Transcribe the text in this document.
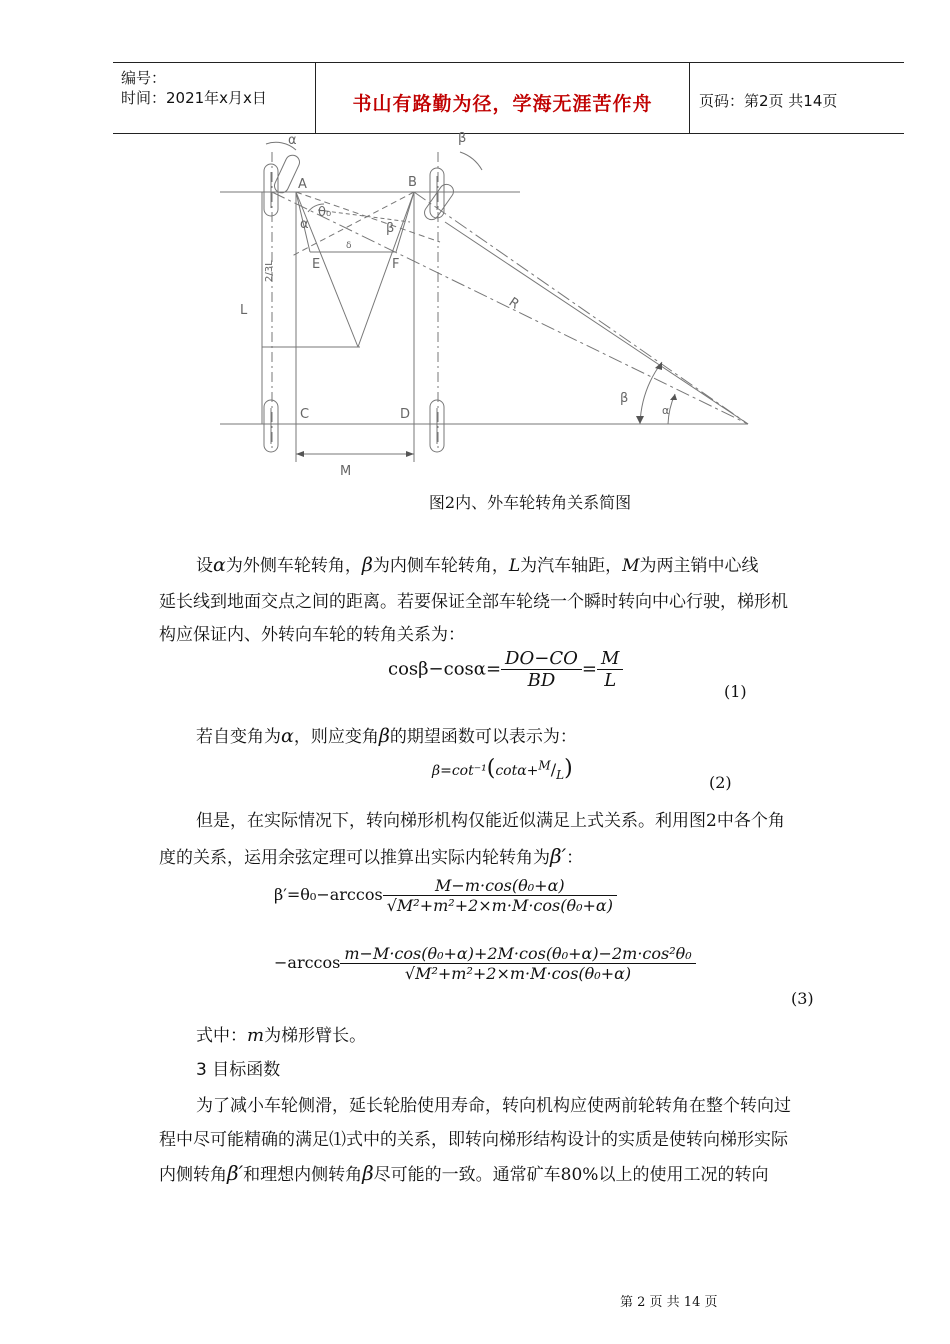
编号：
时间：2021年x月x日	书山有路勤为径，学海无涯苦作舟	页码：第2页 共14页
α	β
A	B
θ₀
α	β
δ
E	F
2/3L
L	R
β
α
C	D
M
图2内、外车轮转角关系简图

设α为外侧车轮转角，β为内侧车轮转角，L为汽车轴距，M为两主销中心线

延长线到地面交点之间的距离。若要保证全部车轮绕一个瞬时转向中心行驶，梯形机

构应保证内、外转向车轮的转角关系为：

$\cos\beta-\cos\alpha= \frac{DO-CO}{BD} = \frac{M}{L}$
(1)

若自变角为α，则应变角β的期望函数可以表示为：

β=cot⁻¹(cotα+M/L)
(2)

但是，在实际情况下，转向梯形机构仅能近似满足上式关系。利用图2中各个角

度的关系，运用余弦定理可以推算出实际内轮转角为β′：

$\beta'=\theta_0-\arccos \frac{\text{M−m·cos(θ₀+α)}}{\text{√M²+m²+2×m·M·cos(θ₀+α)}}$
$-\arccos \frac{\text{m−M·cos(θ₀+α)+2M·cos(θ₀+α)−2m·cos²θ₀}}{\text{√M²+m²+2×m·M·cos(θ₀+α)}}$
(3)

式中：m为梯形臂长。

3 目标函数

为了减小车轮侧滑，延长轮胎使用寿命，转向机构应使两前轮转角在整个转向过

程中尽可能精确的满足⑴式中的关系，即转向梯形结构设计的实质是使转向梯形实际

内侧转角β′和理想内侧转角β尽可能的一致。通常矿车80%以上的使用工况的转向

第 2 页 共 14 页
